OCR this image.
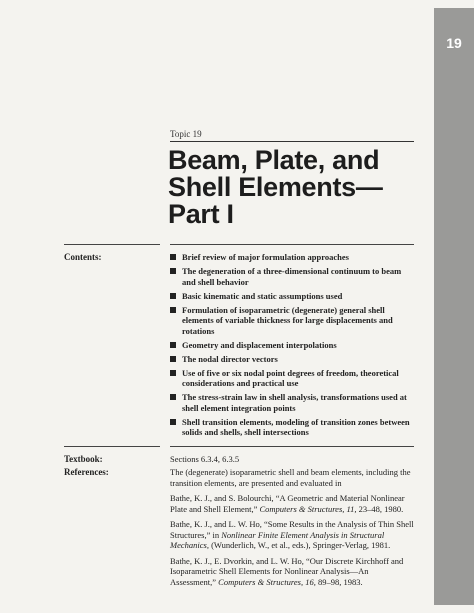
19
Topic 19
Beam, Plate, and
Shell Elements—
Part I
Contents:	Brief review of major formulation approaches
The degeneration of a three-dimensional continuum to beam and shell behavior
Basic kinematic and static assumptions used
Formulation of isoparametric (degenerate) general shell elements of variable thickness for large displacements and rotations
Geometry and displacement interpolations
The nodal director vectors
Use of five or six nodal point degrees of freedom, theoretical considerations and practical use
The stress-strain law in shell analysis, transformations used at shell element integration points
Shell transition elements, modeling of transition zones between solids and shells, shell intersections
Textbook:	Sections 6.3.4, 6.3.5
References:	The (degenerate) isoparametric shell and beam elements, including the transition elements, are presented and evaluated in

Bathe, K. J., and S. Bolourchi, “A Geometric and Material Nonlinear Plate and Shell Element,” Computers & Structures, 11, 23–48, 1980.

Bathe, K. J., and L. W. Ho, “Some Results in the Analysis of Thin Shell Structures,” in Nonlinear Finite Element Analysis in Structural Mechanics, (Wunderlich, W., et al., eds.), Springer-Verlag, 1981.

Bathe, K. J., E. Dvorkin, and L. W. Ho, “Our Discrete Kirchhoff and Isoparametric Shell Elements for Nonlinear Analysis—An Assessment,” Computers & Structures, 16, 89–98, 1983.
